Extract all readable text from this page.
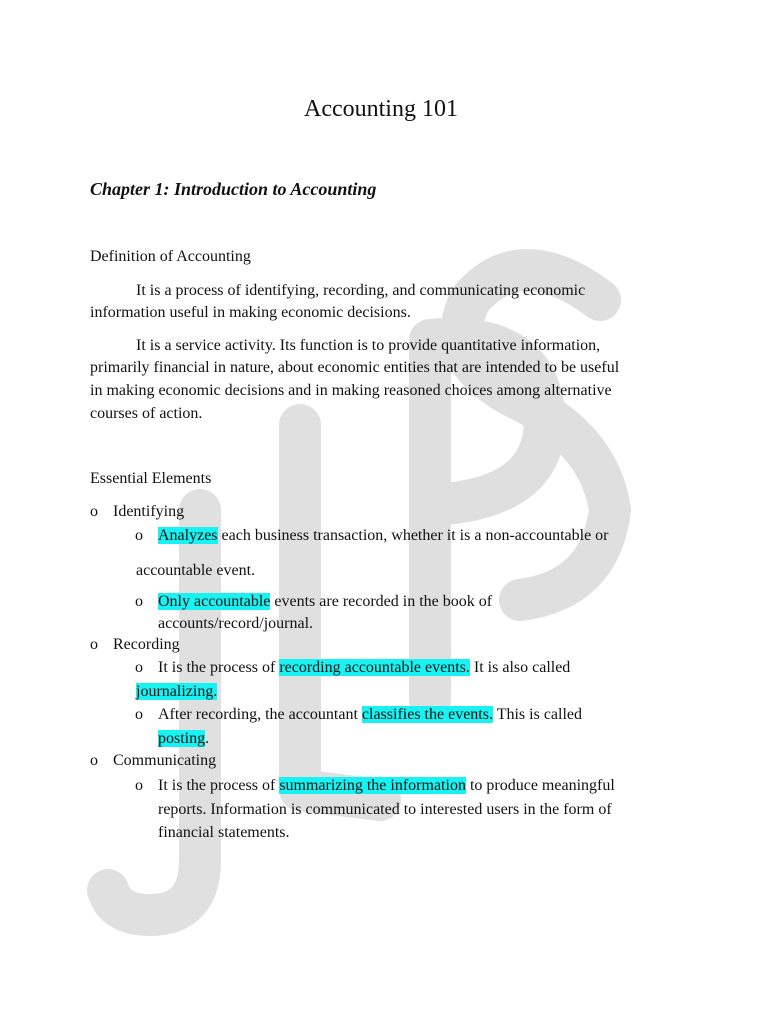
Accounting 101
Chapter 1: Introduction to Accounting
Definition of Accounting
It is a process of identifying, recording, and communicating economic
information useful in making economic decisions.
It is a service activity. Its function is to provide quantitative information,
primarily financial in nature, about economic entities that are intended to be useful
in making economic decisions and in making reasoned choices among alternative
courses of action.
Essential Elements
o Identifying
o Analyzes each business transaction, whether it is a non-accountable or
accountable event.
o Only accountable events are recorded in the book of
accounts/record/journal.
o Recording
o It is the process of recording accountable events. It is also called
journalizing.
o After recording, the accountant classifies the events. This is called
posting.
o Communicating
o It is the process of summarizing the information to produce meaningful
reports. Information is communicated to interested users in the form of
financial statements.
